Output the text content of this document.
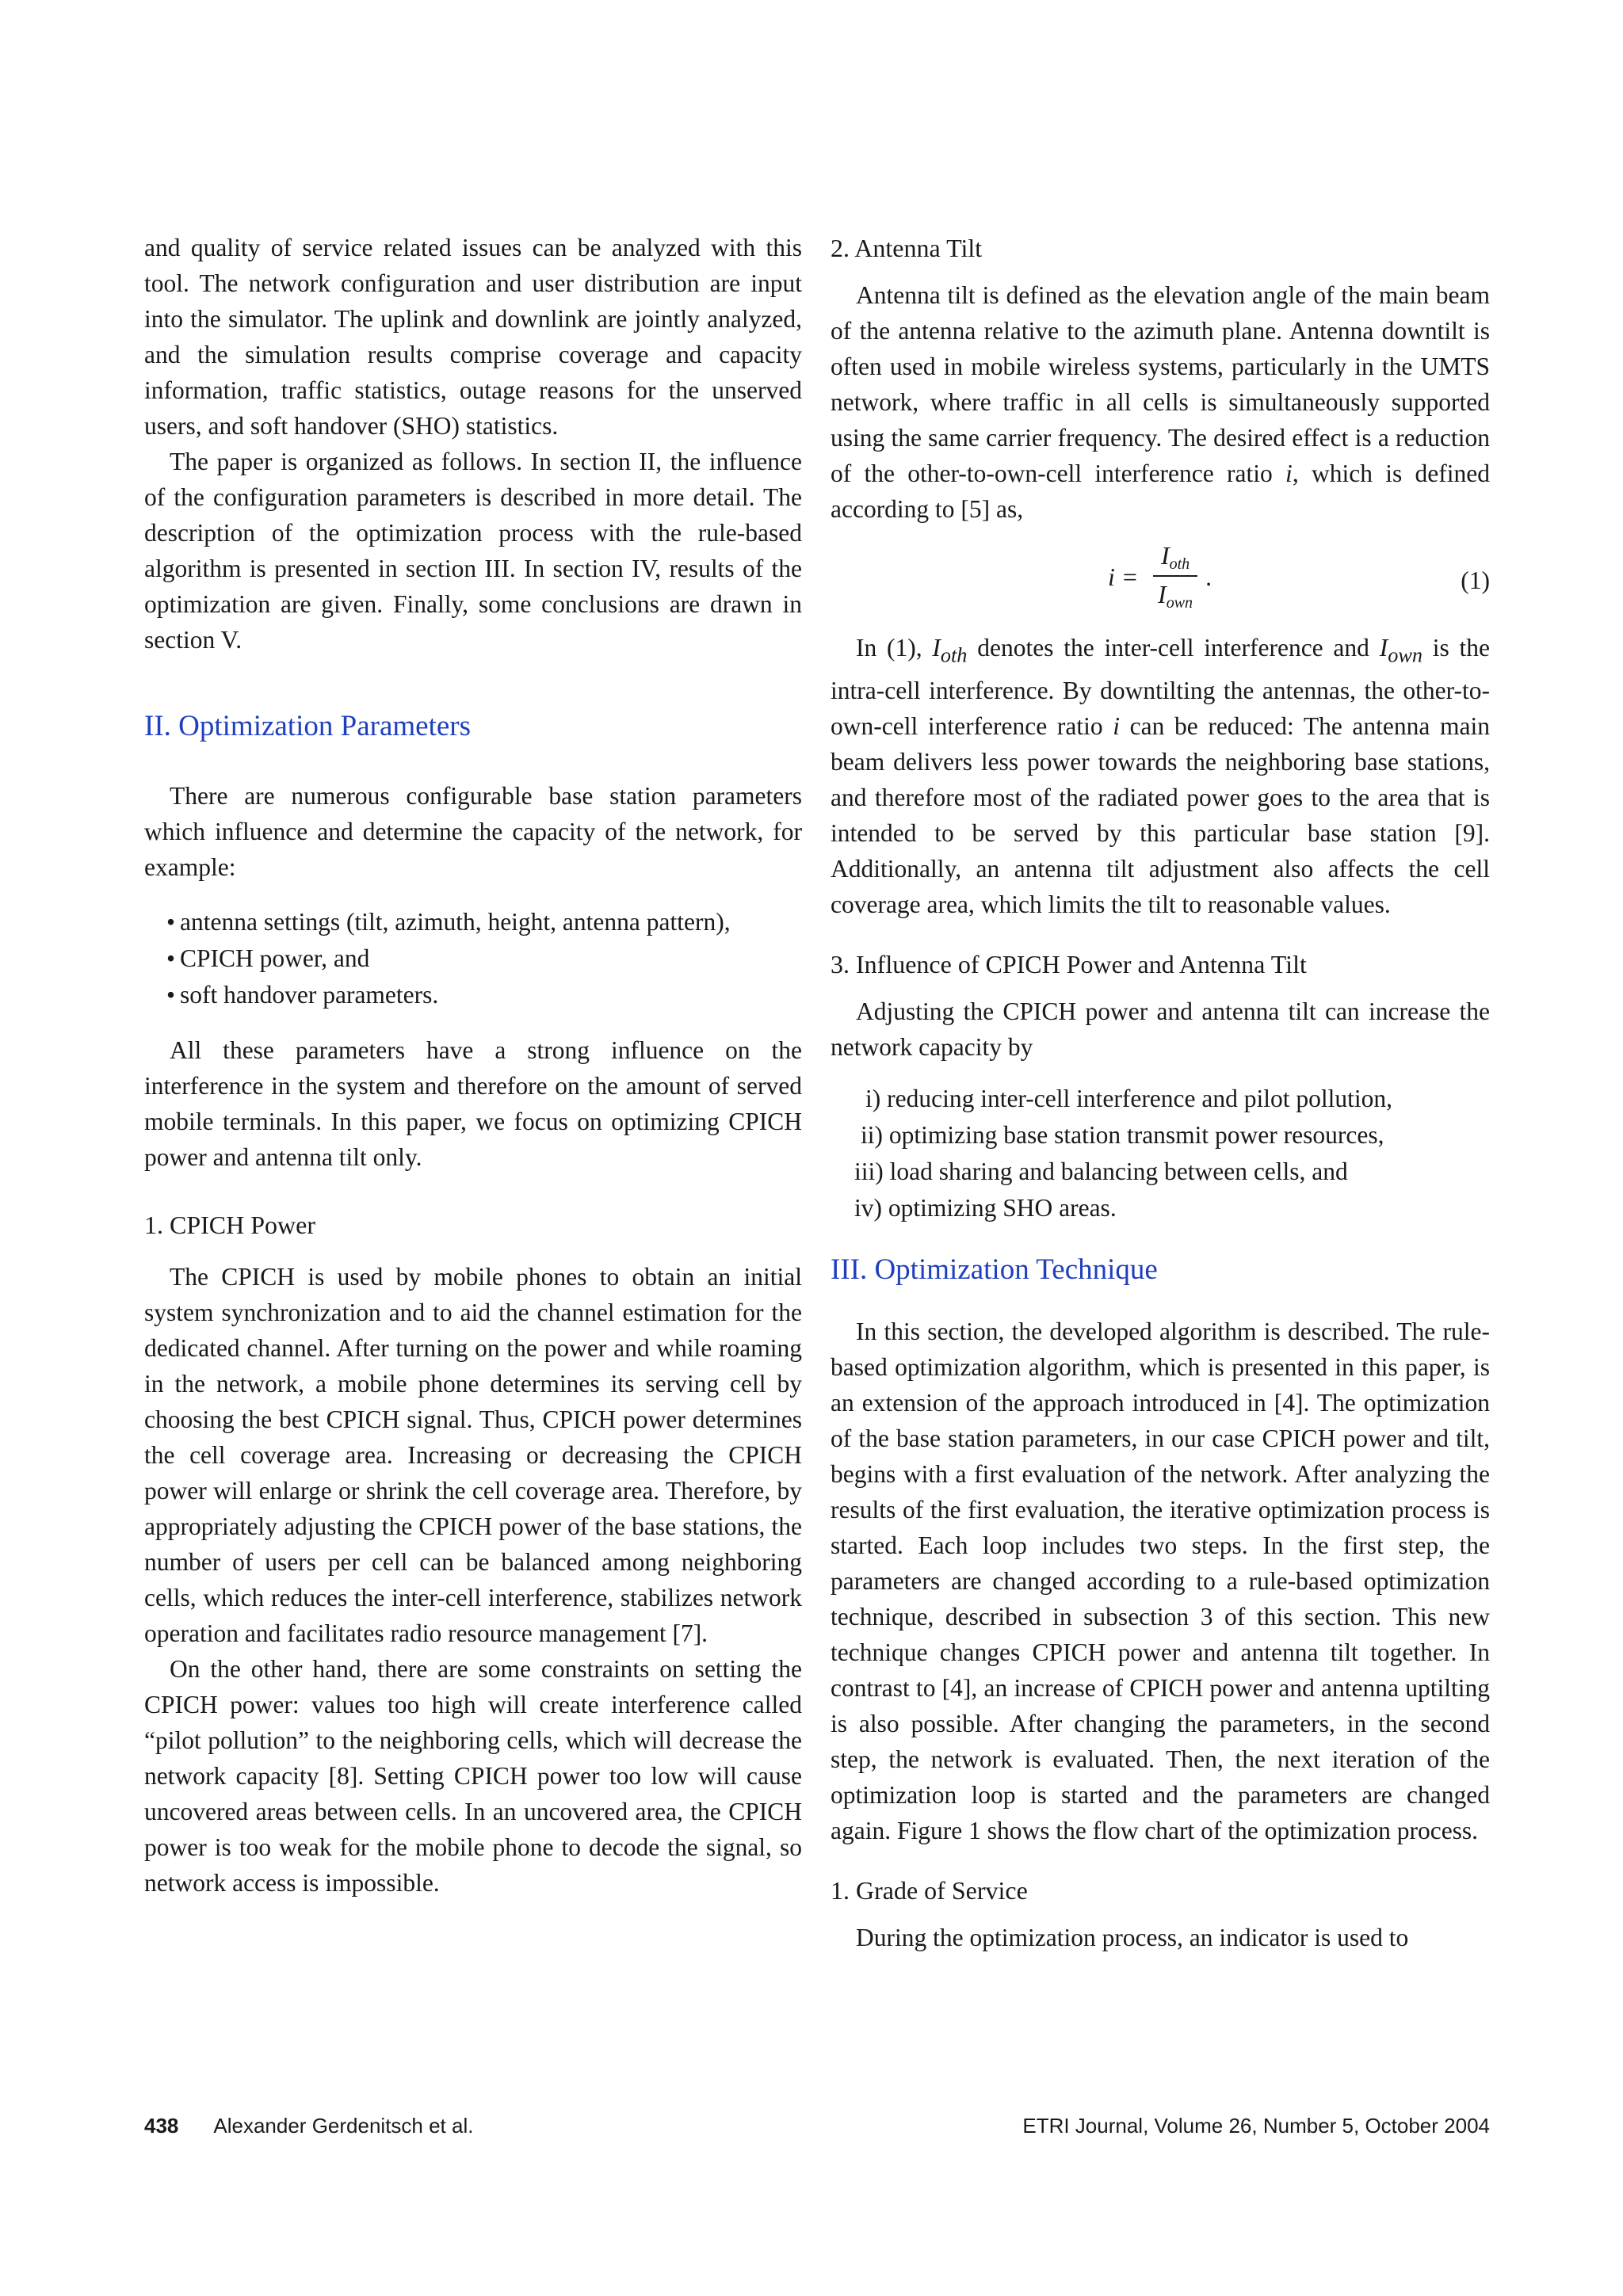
and quality of service related issues can be analyzed with this tool. The network configuration and user distribution are input into the simulator. The uplink and downlink are jointly analyzed, and the simulation results comprise coverage and capacity information, traffic statistics, outage reasons for the unserved users, and soft handover (SHO) statistics.

The paper is organized as follows. In section II, the influence of the configuration parameters is described in more detail. The description of the optimization process with the rule-based algorithm is presented in section III. In section IV, results of the optimization are given. Finally, some conclusions are drawn in section V.

II. Optimization Parameters

There are numerous configurable base station parameters which influence and determine the capacity of the network, for example:

• antenna settings (tilt, azimuth, height, antenna pattern),
• CPICH power, and
• soft handover parameters.

All these parameters have a strong influence on the interference in the system and therefore on the amount of served mobile terminals. In this paper, we focus on optimizing CPICH power and antenna tilt only.

1. CPICH Power

The CPICH is used by mobile phones to obtain an initial system synchronization and to aid the channel estimation for the dedicated channel. After turning on the power and while roaming in the network, a mobile phone determines its serving cell by choosing the best CPICH signal. Thus, CPICH power determines the cell coverage area. Increasing or decreasing the CPICH power will enlarge or shrink the cell coverage area. Therefore, by appropriately adjusting the CPICH power of the base stations, the number of users per cell can be balanced among neighboring cells, which reduces the inter-cell interference, stabilizes network operation and facilitates radio resource management [7].

On the other hand, there are some constraints on setting the CPICH power: values too high will create interference called “pilot pollution” to the neighboring cells, which will decrease the network capacity [8]. Setting CPICH power too low will cause uncovered areas between cells. In an uncovered area, the CPICH power is too weak for the mobile phone to decode the signal, so network access is impossible.

2. Antenna Tilt

Antenna tilt is defined as the elevation angle of the main beam of the antenna relative to the azimuth plane. Antenna downtilt is often used in mobile wireless systems, particularly in the UMTS network, where traffic in all cells is simultaneously supported using the same carrier frequency. The desired effect is a reduction of the other-to-own-cell interference ratio i, which is defined according to [5] as,

$i = \frac{I_{oth}}{I_{own}}$ .	(1)

In (1), $I_{oth}$ denotes the inter-cell interference and $I_{own}$ is the intra-cell interference. By downtilting the antennas, the other-to-own-cell interference ratio i can be reduced: The antenna main beam delivers less power towards the neighboring base stations, and therefore most of the radiated power goes to the area that is intended to be served by this particular base station [9]. Additionally, an antenna tilt adjustment also affects the cell coverage area, which limits the tilt to reasonable values.

3. Influence of CPICH Power and Antenna Tilt

Adjusting the CPICH power and antenna tilt can increase the network capacity by

i) reducing inter-cell interference and pilot pollution,
ii) optimizing base station transmit power resources,
iii) load sharing and balancing between cells, and
iv) optimizing SHO areas.
III. Optimization Technique

In this section, the developed algorithm is described. The rule-based optimization algorithm, which is presented in this paper, is an extension of the approach introduced in [4]. The optimization of the base station parameters, in our case CPICH power and tilt, begins with a first evaluation of the network. After analyzing the results of the first evaluation, the iterative optimization process is started. Each loop includes two steps. In the first step, the parameters are changed according to a rule-based optimization technique, described in subsection 3 of this section. This new technique changes CPICH power and antenna tilt together. In contrast to [4], an increase of CPICH power and antenna uptilting is also possible. After changing the parameters, in the second step, the network is evaluated. Then, the next iteration of the optimization loop is started and the parameters are changed again. Figure 1 shows the flow chart of the optimization process.

1. Grade of Service

During the optimization process, an indicator is used to

438 Alexander Gerdenitsch et al.	ETRI Journal, Volume 26, Number 5, October 2004
